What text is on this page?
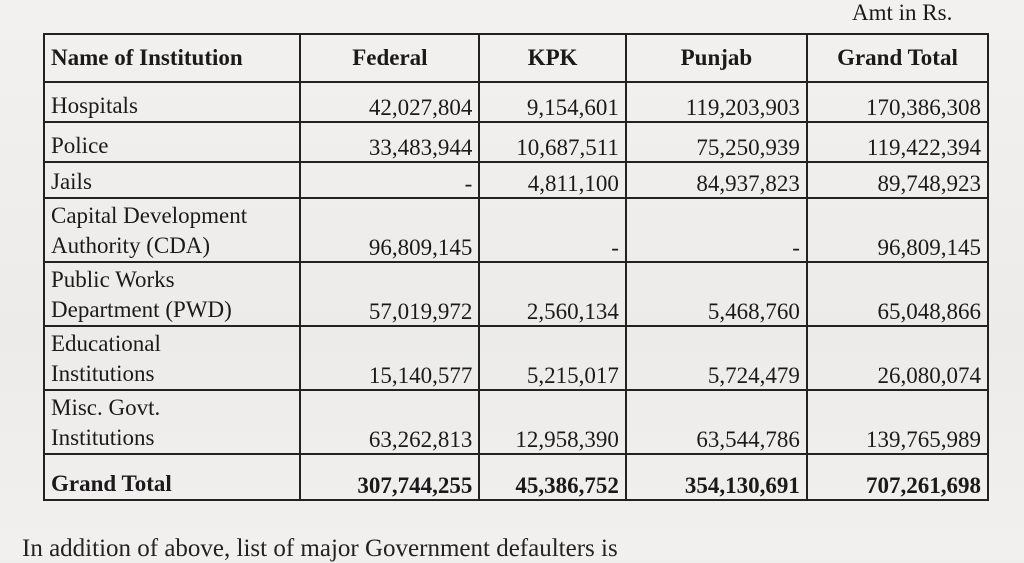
Amt in Rs.
Name of Institution	Federal	KPK	Punjab	Grand Total
Hospitals	42,027,804	9,154,601	119,203,903	170,386,308
Police	33,483,944	10,687,511	75,250,939	119,422,394
Jails	-	4,811,100	84,937,823	89,748,923
Capital Development
Authority (CDA)	96,809,145	-	-	96,809,145
Public Works
Department (PWD)	57,019,972	2,560,134	5,468,760	65,048,866
Educational
Institutions	15,140,577	5,215,017	5,724,479	26,080,074
Misc. Govt.
Institutions	63,262,813	12,958,390	63,544,786	139,765,989
Grand Total	307,744,255	45,386,752	354,130,691	707,261,698
In addition of above, list of major Government defaulters is
